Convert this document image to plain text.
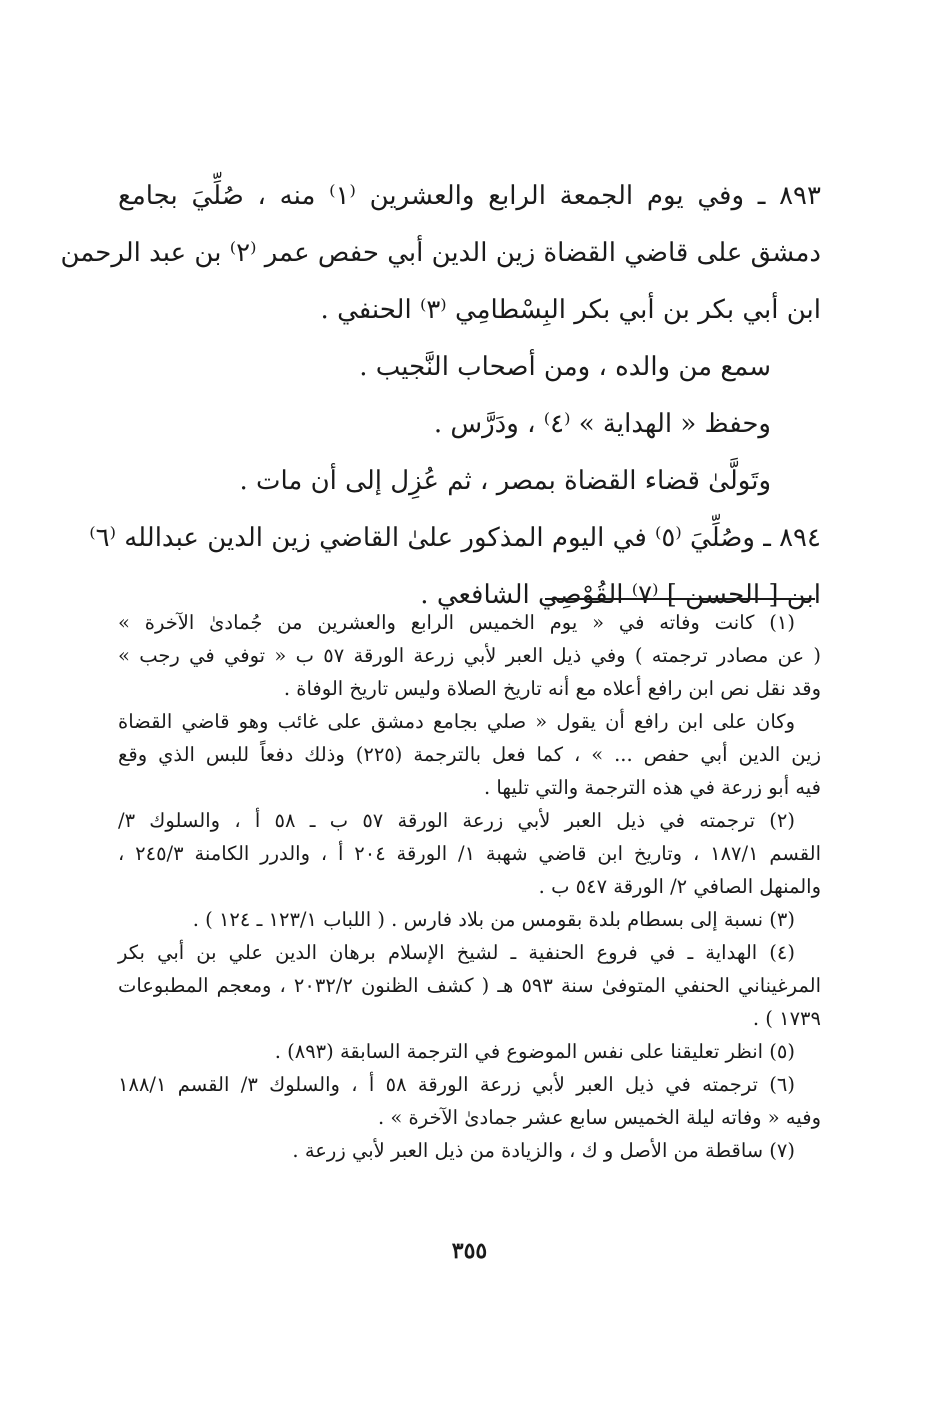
٨٩٣ ـ وفي يوم الجمعة الرابع والعشرين ⁽١⁾ منه ، صُلِّيَ بجامع

دمشق على قاضي القضاة زين الدين أبي حفص عمر ⁽٢⁾ بن عبد الرحمن

ابن أبي بكر بن أبي بكر البِسْطامِي ⁽٣⁾ الحنفي .

سمع من والده ، ومن أصحاب النَّجيب .

وحفظ « الهداية » ⁽٤⁾ ، ودَرَّس .

وتَولَّىٰ قضاء القضاة بمصر ، ثم عُزِل إلى أن مات .

٨٩٤ ـ وصُلِّيَ ⁽٥⁾ في اليوم المذكور علىٰ القاضي زين الدين عبدالله ⁽٦⁾

ابن [ الحسن ] ⁽٧⁾ القُوْصِي الشافعي .

(١) كانت وفاته في « يوم الخميس الرابع والعشرين من جُمادىٰ الآخرة »

( عن مصادر ترجمته ) وفي ذيل العبر لأبي زرعة الورقة ٥٧ ب « توفي في رجب »

وقد نقل نص ابن رافع أعلاه مع أنه تاريخ الصلاة وليس تاريخ الوفاة .

وكان على ابن رافع أن يقول « صلي بجامع دمشق على غائب وهو قاضي القضاة

زين الدين أبي حفص ... » ، كما فعل بالترجمة (٢٢٥) وذلك دفعاً للبس الذي وقع

فيه أبو زرعة في هذه الترجمة والتي تليها .

(٢) ترجمته في ذيل العبر لأبي زرعة الورقة ٥٧ ب ـ ٥٨ أ ، والسلوك ٣/

القسم ١٨٧/١ ، وتاريخ ابن قاضي شهبة ١/ الورقة ٢٠٤ أ ، والدرر الكامنة ٢٤٥/٣ ،

والمنهل الصافي ٢/ الورقة ٥٤٧ ب .

(٣) نسبة إلى بسطام بلدة بقومس من بلاد فارس . ( اللباب ١٢٣/١ ـ ١٢٤ ) .

(٤) الهداية ـ في فروع الحنفية ـ لشيخ الإسلام برهان الدين علي بن أبي بكر

المرغيناني الحنفي المتوفىٰ سنة ٥٩٣ هـ ( كشف الظنون ٢٠٣٢/٢ ، ومعجم المطبوعات

١٧٣٩ ) .

(٥) انظر تعليقنا على نفس الموضوع في الترجمة السابقة (٨٩٣) .

(٦) ترجمته في ذيل العبر لأبي زرعة الورقة ٥٨ أ ، والسلوك ٣/ القسم ١٨٨/١

وفيه « وفاته ليلة الخميس سابع عشر جمادىٰ الآخرة » .

(٧) ساقطة من الأصل و ك ، والزيادة من ذيل العبر لأبي زرعة .

٣٥٥
